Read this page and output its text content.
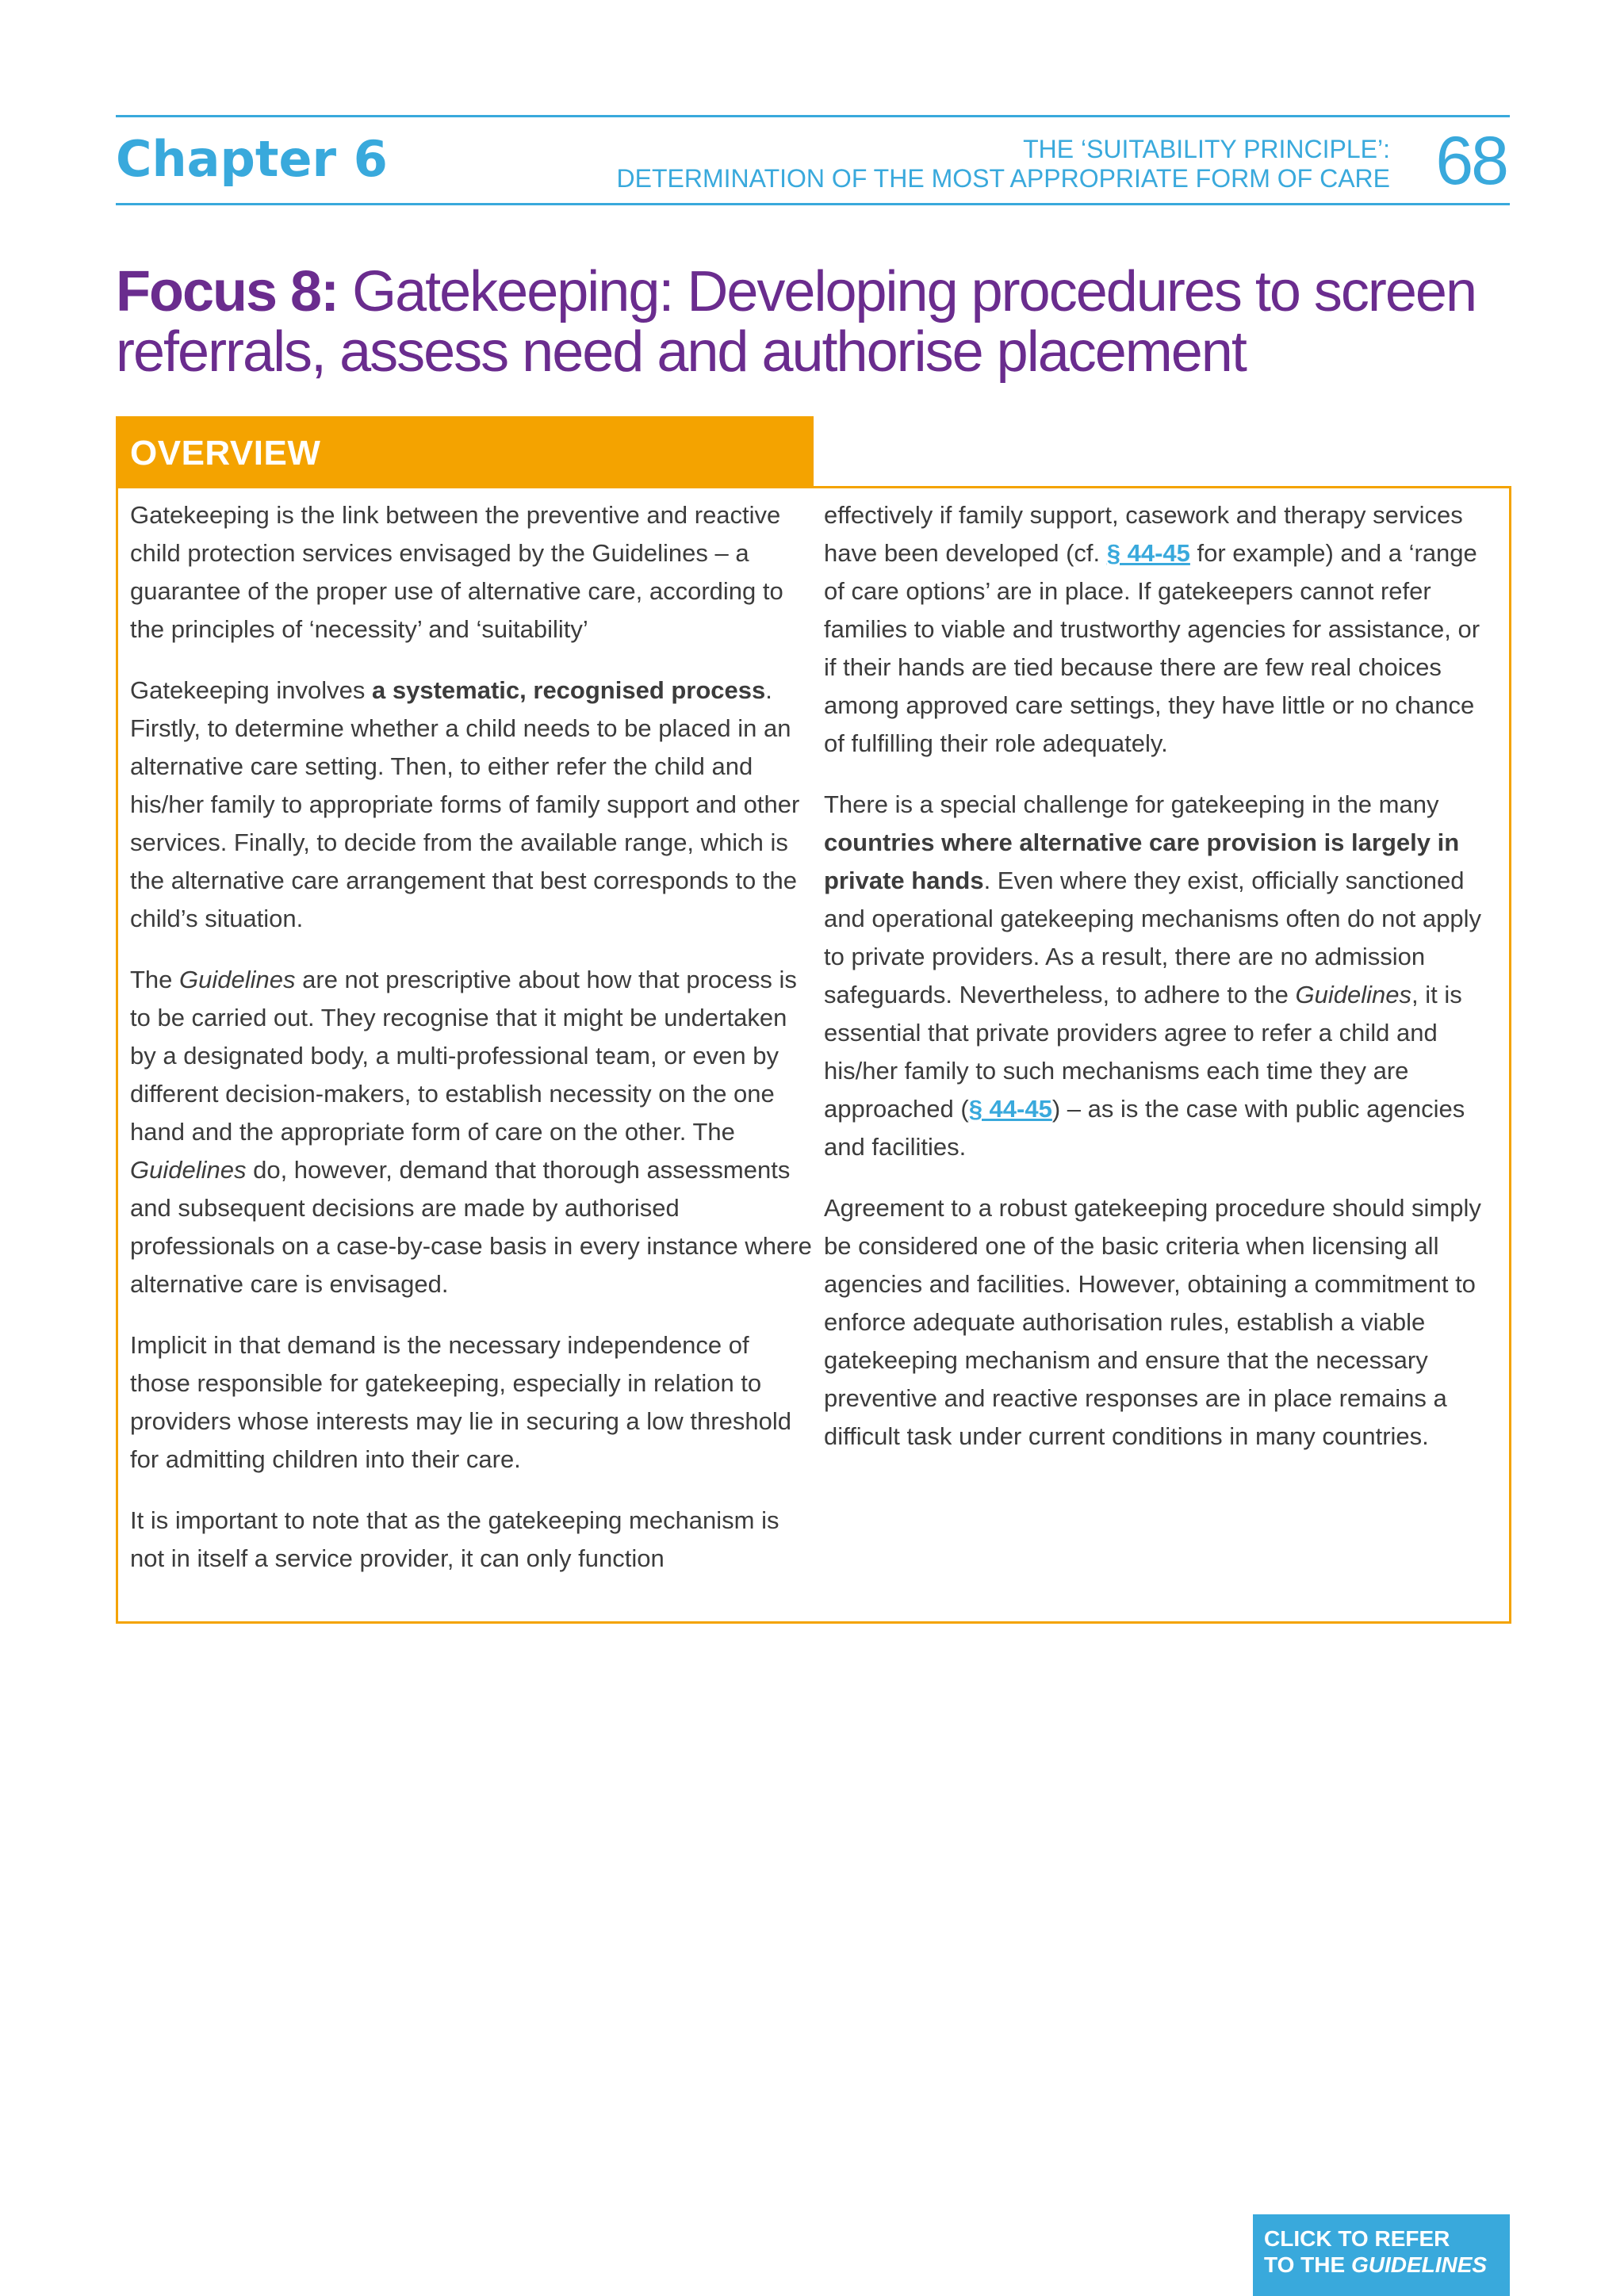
Chapter 6	THE ‘SUITABILITY PRINCIPLE’:
DETERMINATION OF THE MOST APPROPRIATE FORM OF CARE 68
Focus 8: Gatekeeping: Developing procedures to screen referrals, assess need and authorise placement
OVERVIEW

Gatekeeping is the link between the preventive and reactive child protection services envisaged by the Guidelines – a guarantee of the proper use of alternative care, according to the principles of ‘necessity’ and ‘suitability’

Gatekeeping involves a systematic, recognised process. Firstly, to determine whether a child needs to be placed in an alternative care setting. Then, to either refer the child and his/her family to appropriate forms of family support and other services. Finally, to decide from the available range, which is the alternative care arrangement that best corresponds to the child’s situation.

The Guidelines are not prescriptive about how that process is to be carried out. They recognise that it might be undertaken by a designated body, a multi-professional team, or even by different decision-makers, to establish necessity on the one hand and the appropriate form of care on the other. The Guidelines do, however, demand that thorough assessments and subsequent decisions are made by authorised professionals on a case-by-case basis in every instance where alternative care is envisaged.

Implicit in that demand is the necessary independence of those responsible for gatekeeping, especially in relation to providers whose interests may lie in securing a low threshold for admitting children into their care.

It is important to note that as the gatekeeping mechanism is not in itself a service provider, it can only function

effectively if family support, casework and therapy services have been developed (cf. § 44-45 for example) and a ‘range of care options’ are in place. If gatekeepers cannot refer families to viable and trustworthy agencies for assistance, or if their hands are tied because there are few real choices among approved care settings, they have little or no chance of fulfilling their role adequately.

There is a special challenge for gatekeeping in the many countries where alternative care provision is largely in private hands. Even where they exist, officially sanctioned and operational gatekeeping mechanisms often do not apply to private providers. As a result, there are no admission safeguards. Nevertheless, to adhere to the Guidelines, it is essential that private providers agree to refer a child and his/her family to such mechanisms each time they are approached (§ 44-45) – as is the case with public agencies and facilities.

Agreement to a robust gatekeeping procedure should simply be considered one of the basic criteria when licensing all agencies and facilities. However, obtaining a commitment to enforce adequate authorisation rules, establish a viable gatekeeping mechanism and ensure that the necessary preventive and reactive responses are in place remains a difficult task under current conditions in many countries.

CLICK TO REFER
TO THE GUIDELINES
